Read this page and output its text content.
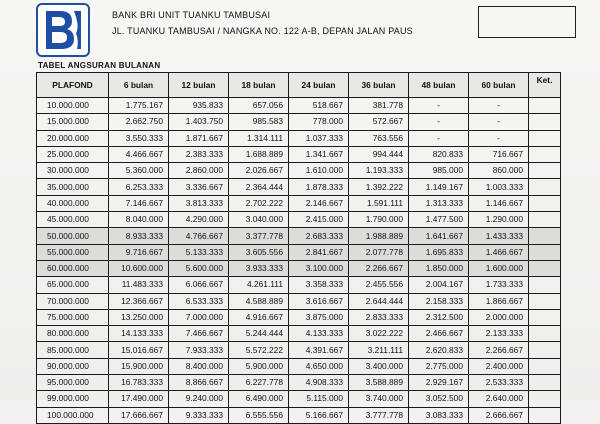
BANK BRI UNIT TUANKU TAMBUSAI
JL. TUANKU TAMBUSAI / NANGKA NO. 122 A-B, DEPAN JALAN PAUS
TABEL ANGSURAN BULANAN
PLAFOND	6 bulan	12 bulan	18 bulan	24 bulan	36 bulan	48 bulan	60 bulan	Ket.
10.000.000	1.775.167	935.833	657.056	518.667	381.778	-	-	
15.000.000	2.662.750	1.403.750	985.583	778.000	572.667	-	-	
20.000.000	3.550.333	1.871.667	1.314.111	1.037.333	763.556	-	-	
25.000.000	4.466.667	2.383.333	1.688.889	1.341.667	994.444	820.833	716.667	
30.000.000	5.360.000	2.860.000	2.026.667	1.610.000	1.193.333	985.000	860.000	
35.000.000	6.253.333	3.336.667	2.364.444	1.878.333	1.392.222	1.149.167	1.003.333	
40.000.000	7.146.667	3.813.333	2.702.222	2.146.667	1.591.111	1.313.333	1.146.667	
45.000.000	8.040.000	4.290.000	3.040.000	2.415.000	1.790.000	1.477.500	1.290.000	
50.000.000	8.933.333	4.766.667	3.377.778	2.683.333	1.988.889	1.641.667	1.433.333	
55.000.000	9.716.667	5.133.333	3.605.556	2.841.667	2.077.778	1.695.833	1.466.667	
60.000.000	10.600.000	5.600.000	3.933.333	3.100.000	2.266.667	1.850.000	1.600.000	
65.000.000	11.483.333	6.066.667	4.261.111	3.358.333	2.455.556	2.004.167	1.733.333	
70.000.000	12.366.667	6.533.333	4.588.889	3.616.667	2.644.444	2.158.333	1.866.667	
75.000.000	13.250.000	7.000.000	4.916.667	3.875.000	2.833.333	2.312.500	2.000.000	
80.000.000	14.133.333	7.466.667	5.244.444	4.133.333	3.022.222	2.466.667	2.133.333	
85.000.000	15.016.667	7.933.333	5.572.222	4.391.667	3.211.111	2.620.833	2.266.667	
90.000.000	15.900.000	8.400.000	5.900.000	4.650.000	3.400.000	2.775.000	2.400.000	
95.000.000	16.783.333	8.866.667	6.227.778	4.908.333	3.588.889	2.929.167	2.533.333	
99.000.000	17.490.000	9.240.000	6.490.000	5.115.000	3.740.000	3.052.500	2.640.000	
100.000.000	17.666.667	9.333.333	6.555.556	5.166.667	3.777.778	3.083.333	2.666.667	
